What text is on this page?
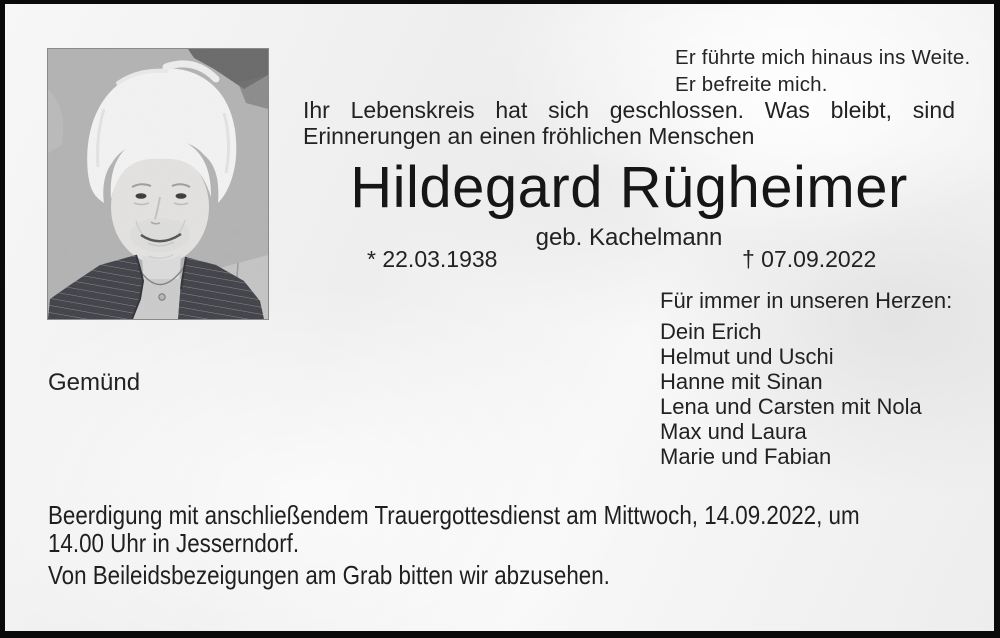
Er führte mich hinaus ins Weite.
Er befreite mich.
Ihr Lebenskreis hat sich geschlossen. Was bleibt, sind
Erinnerungen an einen fröhlichen Menschen
Hildegard Rügheimer
geb. Kachelmann
* 22.03.1938	† 07.09.2022
Für immer in unseren Herzen:
Dein Erich
Helmut und Uschi
Hanne mit Sinan
Lena und Carsten mit Nola
Max und Laura
Marie und Fabian
Gemünd
Beerdigung mit anschließendem Trauergottesdienst am Mittwoch, 14.09.2022, um
14.00 Uhr in Jesserndorf.
Von Beileidsbezeigungen am Grab bitten wir abzusehen.
